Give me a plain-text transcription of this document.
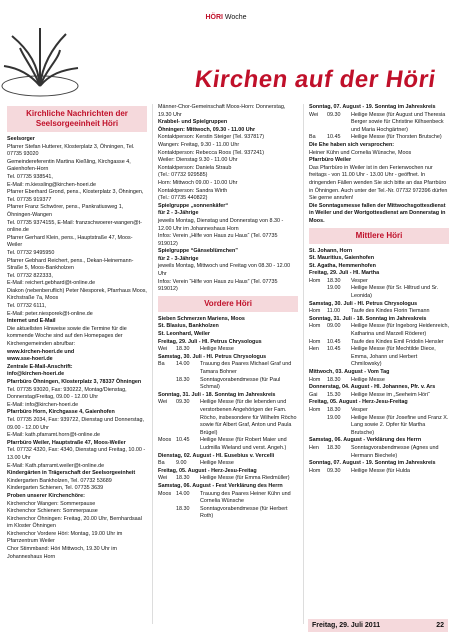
HÖRI Woche
Kirchen auf der Höri
Kirchliche Nachrichten der Seelsorgeeinheit Höri
Seelsorger
Pfarrer Stefan Hutterer, Klosterplatz 3, Öhningen, Tel. 07735 93020
Gemeindereferentin Martina Kießling, Kirchgasse 4, Gaienhofen-Horn
Tel. 07735 938541,
E-Mail: m.kiessling@kirchen-hoeri.de
Pfarrer Eberhard Grond, pens., Klosterplatz 3, Öhningen, Tel. 07735 919377
Pfarrer Franz Schwörer, pens., Pankratiusweg 1, Öhningen-Wangen
Tel. 07735 9374155, E-Mail: franzschwoerer-wangen@t-online.de
Pfarrer Gerhard Klein, pens., Hauptstraße 47, Moos-Weiler
Tel. 07732 9495950
Pfarrer Gebhard Reichert, pens., Dekan-Heinemann-Straße 5, Moos-Bankholzen
Tel. 07732 822333,
E-Mail: reichert.gebhard@t-online.de
Diakon (nebenberuflich) Peter Niesporek, Pfarrhaus Moos, Kirchstraße 7a, Moos
Tel. 07732 6111,
E-Mail: peter.niesporek@t-online.de
Internet und E-Mail
Die aktuellsten Hinweise sowie die Termine für die kommende Woche sind auf den Homepages der Kirchengemeinden abrufbar:
www.kirchen-hoeri.de und
www.sse-hoeri.de
Zentrale E-Mail-Anschrift:
info@kirchen-hoeri.de
Pfarrbüro Öhningen, Klosterplatz 3, 78337 Öhningen
Tel. 07735 93020, Fax: 930222, Montag/Dienstag, Donnerstag/Freitag, 09.00 - 12.00 Uhr
E-Mail: info@kirchen-hoeri.de
Pfarrbüro Horn, Kirchgasse 4, Gaienhofen
Tel. 07735 2034, Fax: 939722, Dienstag und Donnerstag, 09.00 - 12.00 Uhr
E-Mail: kath.pfarramt.horn@t-online.de
Pfarrbüro Weiler, Hauptstraße 47, Moos-Weiler
Tel. 07732 4320, Fax: 4340, Dienstag und Freitag, 10.00 - 13.00 Uhr
E-Mail: Kath.pfarramt.weiler@t-online.de
Kindergärten in Trägerschaft der Seelsorgeeinheit
Kindergarten Bankholzen, Tel. 07732 53689
Kindergarten Schienen, Tel. 07735 3639
Proben unserer Kirchenchöre:
Kirchenchor Wangen: Sommerpause
Kirchenchor Schienen: Sommerpause
Kirchenchor Öhningen: Freitag, 20.00 Uhr, Bernhardsaal im Kloster Öhningen
Kirchenchor Vordere Höri: Montag, 19.00 Uhr im Pfarrzentrum Weiler
Chor Stimmband: Höri Mittwoch, 19.30 Uhr im Johanneshaus Horn
Männer-Chor-Gemeinschaft Moos-Horn: Donnerstag, 19.30 Uhr
Krabbel- und Spielgruppen
Öhningen: Mittwoch, 09.30 - 11.00 Uhr
Kontaktperson: Kerstin Steiger (Tel. 937817)
Wangen: Freitag, 9.30 - 11.00 Uhr
Kontaktperson: Rebecca Roos (Tel. 937241)
Weiler: Dienstag 9.30 - 11.00 Uhr
Kontaktperson: Daniela Straub
(Tel.: 07732 929585)
Horn: Mittwoch 09.00 - 10.00 Uhr
Kontaktperson: Sandra Wirth
(Tel.: 07735 440822)
Spielgruppe „sonnenkäfer“
für 2 - 3-Jährige
jeweils Montag, Dienstag und Donnerstag von 8.30 - 12.00 Uhr im Johanneshaus Horn
Infos: Verein „Hilfe von Haus zu Haus“ (Tel. 07735 919012)
Spielgruppe “Gänseblümchen”
für 2 - 3-Jährige
jeweils Montag, Mittwoch und Freitag von 08.30 - 12.00 Uhr
Infos: Verein “Hilfe von Haus zu Haus” (Tel. 07735 919012)
Vordere Höri
Sieben Schmerzen Mariens, Moos
St. Blasius, Bankholzen
St. Leonhard, Weiler
Freitag, 29. Juli - Hl. Petrus Chrysologus
Wei	18.30	Heilige Messe
Samstag, 30. Juli - Hl. Petrus Chrysologus
Ba	14.00	Trauung des Paares Michael Graf und Tamara Bohner
18.30	Sonntagvorabendmesse (für Paul Schmal)
Sonntag, 31. Juli - 18. Sonntag im Jahreskreis
Wei	09.30	Heilige Messe (für die lebenden und verstorbenen Angehörigen der Fam. Röcho, insbesondere für Wilhelm Röcho sowie für Albert Graf, Anton und Paula Brügel)
Moos 10.45	Heilige Messe (für Robert Maier und Ludmilla Wieland und verst. Angeh.)
Dienstag, 02. August - Hl. Eusebius v. Vercelli
Ba	9.00	Heilige Messe
Freitag, 05. August - Herz-Jesu-Freitag
Wei	18.30	Heilige Messe (für Emma Riedmüller)
Samstag, 06. August - Fest Verklärung des Herrn
Moos 14.00	Trauung des Paares Heiner Kühn und Cornelia Wünsche
18.30	Sonntagvorabendmesse (für Herbert Roth)
Sonntag, 07. August - 19. Sonntag im Jahreskreis
Wei	09.30	Heilige Messe (für August und Theresia Berger sowie für Christine Kilhsenbeck und Maria Hochgärtner)
Ba	10.45	Heilige Messe (für Thorsten Brutsche)
Die Ehe haben sich versprochen:
Heiner Kühn und Cornelia Wünsche, Moos
Pfarrbüro Weiler
Das Pfarrbüro in Weiler ist in den Ferienwochen nur freitags - von 11.00 Uhr - 13.00 Uhr - geöffnet. In dringenden Fällen wenden Sie sich bitte an das Pfarrbüro in Öhningen. Auch unter der Tel.-Nr. 07732 972396 dürfen Sie gerne anrufen!
Die Sonntagsmesse fallen der Mittwochsgottesdienst in Weiler und der Wortgottesdienst am Donnerstag in Moos.
Mittlere Höri
St. Johann, Horn
St. Mauritius, Gaienhofen
St. Agatha, Hemmenhofen
Freitag, 29. Juli - Hl. Martha
Hom	18.30	Vesper
19.00	Heilige Messe (für Sr. Hiltrud und Sr. Leonida)
Samstag, 30. Juli - Hl. Petrus Chrysologus
Hom	11.00	Taufe des Kindes Florin Tiemann
Sonntag, 31. Juli - 18. Sonntag im Jahreskreis
Hom	09.00	Heilige Messe (für Ingeborg Heidenreich, Katharina und Marzell Röderer)
Hom	10.45	Taufe des Kindes Emil Fridolin Hensler
Hen	10.45	Heilige Messe (für Mechtilde Diece, Emma, Johann und Herbert Chmilowsky)
Mittwoch, 03. August - Vom Tag
Hom	18.30	Heilige Messe
Donnerstag, 04. August - Hl. Johannes, Pfr. v. Ars
Gai	15.30	Heilige Messe im „Seeheim Höri“
Freitag, 05. August - Herz-Jesu-Freitag
Hom	18.30	Vesper
19.00	Heilige Messe (für Josefine und Franz X. Lang sowie 2. Opfer für Martha Brutsche)
Samstag, 06. August - Verklärung des Herrn
Hen	18.30	Sonntagvorabendmesse (Agnes und Hermann Biechele)
Sonntag, 07. August - 19. Sonntag im Jahreskreis
Hom	09.30	Heilige Messe (für Hulda
Freitag, 29. Juli 2011	22
